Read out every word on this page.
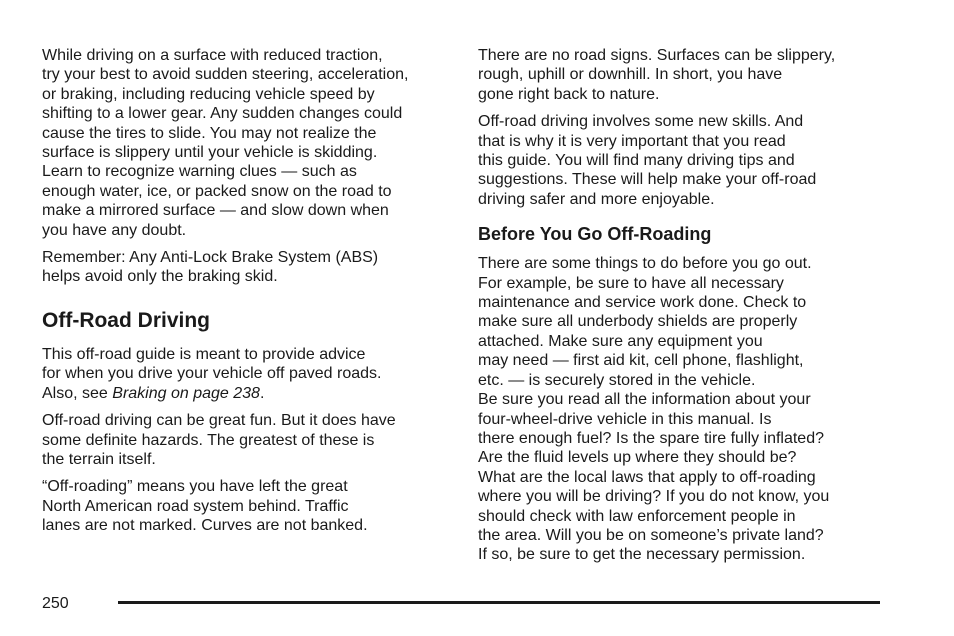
While driving on a surface with reduced traction,
try your best to avoid sudden steering, acceleration,
or braking, including reducing vehicle speed by
shifting to a lower gear. Any sudden changes could
cause the tires to slide. You may not realize the
surface is slippery until your vehicle is skidding.
Learn to recognize warning clues — such as
enough water, ice, or packed snow on the road to
make a mirrored surface — and slow down when
you have any doubt.

Remember: Any Anti-Lock Brake System (ABS)
helps avoid only the braking skid.

Off-Road Driving

This off-road guide is meant to provide advice
for when you drive your vehicle off paved roads.
Also, see Braking on page 238.

Off-road driving can be great fun. But it does have
some definite hazards. The greatest of these is
the terrain itself.

“Off-roading” means you have left the great
North American road system behind. Traffic
lanes are not marked. Curves are not banked.

There are no road signs. Surfaces can be slippery,
rough, uphill or downhill. In short, you have
gone right back to nature.

Off-road driving involves some new skills. And
that is why it is very important that you read
this guide. You will find many driving tips and
suggestions. These will help make your off-road
driving safer and more enjoyable.

Before You Go Off-Roading

There are some things to do before you go out.
For example, be sure to have all necessary
maintenance and service work done. Check to
make sure all underbody shields are properly
attached. Make sure any equipment you
may need — first aid kit, cell phone, flashlight,
etc. — is securely stored in the vehicle.
Be sure you read all the information about your
four-wheel-drive vehicle in this manual. Is
there enough fuel? Is the spare tire fully inflated?
Are the fluid levels up where they should be?
What are the local laws that apply to off-roading
where you will be driving? If you do not know, you
should check with law enforcement people in
the area. Will you be on someone’s private land?
If so, be sure to get the necessary permission.

250
